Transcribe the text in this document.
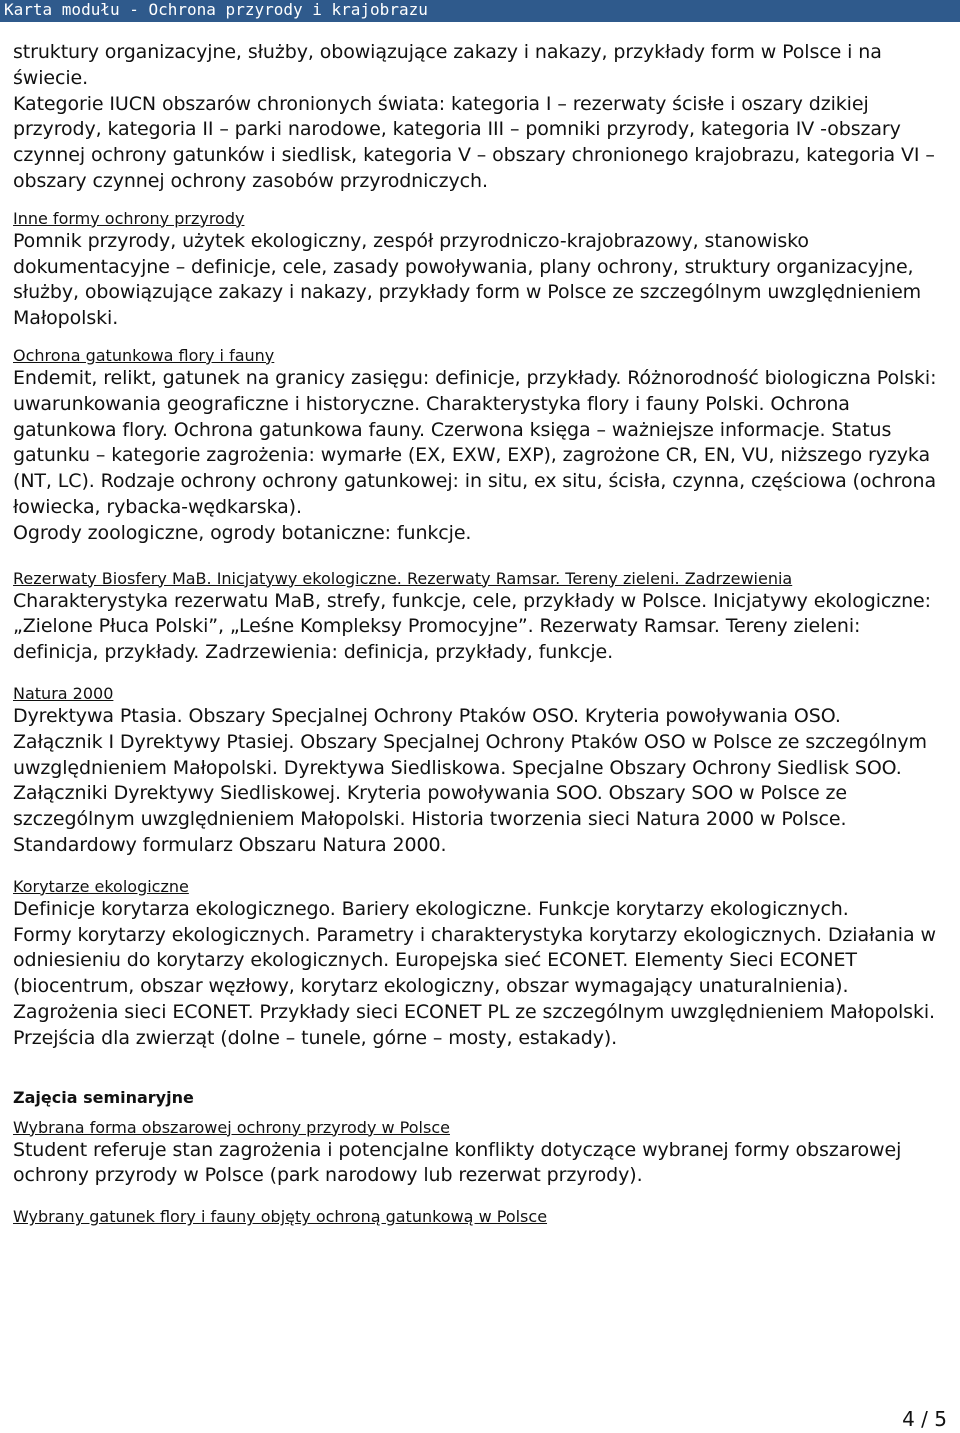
Karta modułu - Ochrona przyrody i krajobrazu

struktury organizacyjne, służby, obowiązujące zakazy i nakazy, przykłady form w Polsce i na świecie.

Kategorie IUCN obszarów chronionych świata: kategoria I – rezerwaty ścisłe i oszary dzikiej przyrody, kategoria II – parki narodowe, kategoria III – pomniki przyrody, kategoria IV -obszary czynnej ochrony gatunków i siedlisk, kategoria V – obszary chronionego krajobrazu, kategoria VI – obszary czynnej ochrony zasobów przyrodniczych.

Inne formy ochrony przyrody

Pomnik przyrody, użytek ekologiczny, zespół przyrodniczo-krajobrazowy, stanowisko dokumentacyjne – definicje, cele, zasady powoływania, plany ochrony, struktury organizacyjne, służby, obowiązujące zakazy i nakazy, przykłady form w Polsce ze szczególnym uwzględnieniem Małopolski.

Ochrona gatunkowa flory i fauny

Endemit, relikt, gatunek na granicy zasięgu: definicje, przykłady. Różnorodność biologiczna Polski: uwarunkowania geograficzne i historyczne. Charakterystyka flory i fauny Polski. Ochrona gatunkowa flory. Ochrona gatunkowa fauny. Czerwona księga – ważniejsze informacje. Status gatunku – kategorie zagrożenia: wymarłe (EX, EXW, EXP), zagrożone CR, EN, VU, niższego ryzyka (NT, LC). Rodzaje ochrony ochrony gatunkowej: in situ, ex situ, ścisła, czynna, częściowa (ochrona łowiecka, rybacka-wędkarska).

Ogrody zoologiczne, ogrody botaniczne: funkcje.

Rezerwaty Biosfery MaB. Inicjatywy ekologiczne. Rezerwaty Ramsar. Tereny zieleni. Zadrzewienia

Charakterystyka rezerwatu MaB, strefy, funkcje, cele, przykłady w Polsce. Inicjatywy ekologiczne: „Zielone Płuca Polski”, „Leśne Kompleksy Promocyjne”. Rezerwaty Ramsar. Tereny zieleni: definicja, przykłady. Zadrzewienia: definicja, przykłady, funkcje.

Natura 2000

Dyrektywa Ptasia. Obszary Specjalnej Ochrony Ptaków OSO. Kryteria powoływania OSO.

Załącznik I Dyrektywy Ptasiej. Obszary Specjalnej Ochrony Ptaków OSO w Polsce ze szczególnym uwzględnieniem Małopolski. Dyrektywa Siedliskowa. Specjalne Obszary Ochrony Siedlisk SOO. Załączniki Dyrektywy Siedliskowej. Kryteria powoływania SOO. Obszary SOO w Polsce ze szczególnym uwzględnieniem Małopolski. Historia tworzenia sieci Natura 2000 w Polsce. Standardowy formularz Obszaru Natura 2000.

Korytarze ekologiczne

Definicje korytarza ekologicznego. Bariery ekologiczne. Funkcje korytarzy ekologicznych.

Formy korytarzy ekologicznych. Parametry i charakterystyka korytarzy ekologicznych. Działania w odniesieniu do korytarzy ekologicznych. Europejska sieć ECONET. Elementy Sieci ECONET (biocentrum, obszar węzłowy, korytarz ekologiczny, obszar wymagający unaturalnienia). Zagrożenia sieci ECONET. Przykłady sieci ECONET PL ze szczególnym uwzględnieniem Małopolski. Przejścia dla zwierząt (dolne – tunele, górne – mosty, estakady).

Zajęcia seminaryjne

Wybrana forma obszarowej ochrony przyrody w Polsce

Student referuje stan zagrożenia i potencjalne konflikty dotyczące wybranej formy obszarowej ochrony przyrody w Polsce (park narodowy lub rezerwat przyrody).

Wybrany gatunek flory i fauny objęty ochroną gatunkową w Polsce

4 / 5
